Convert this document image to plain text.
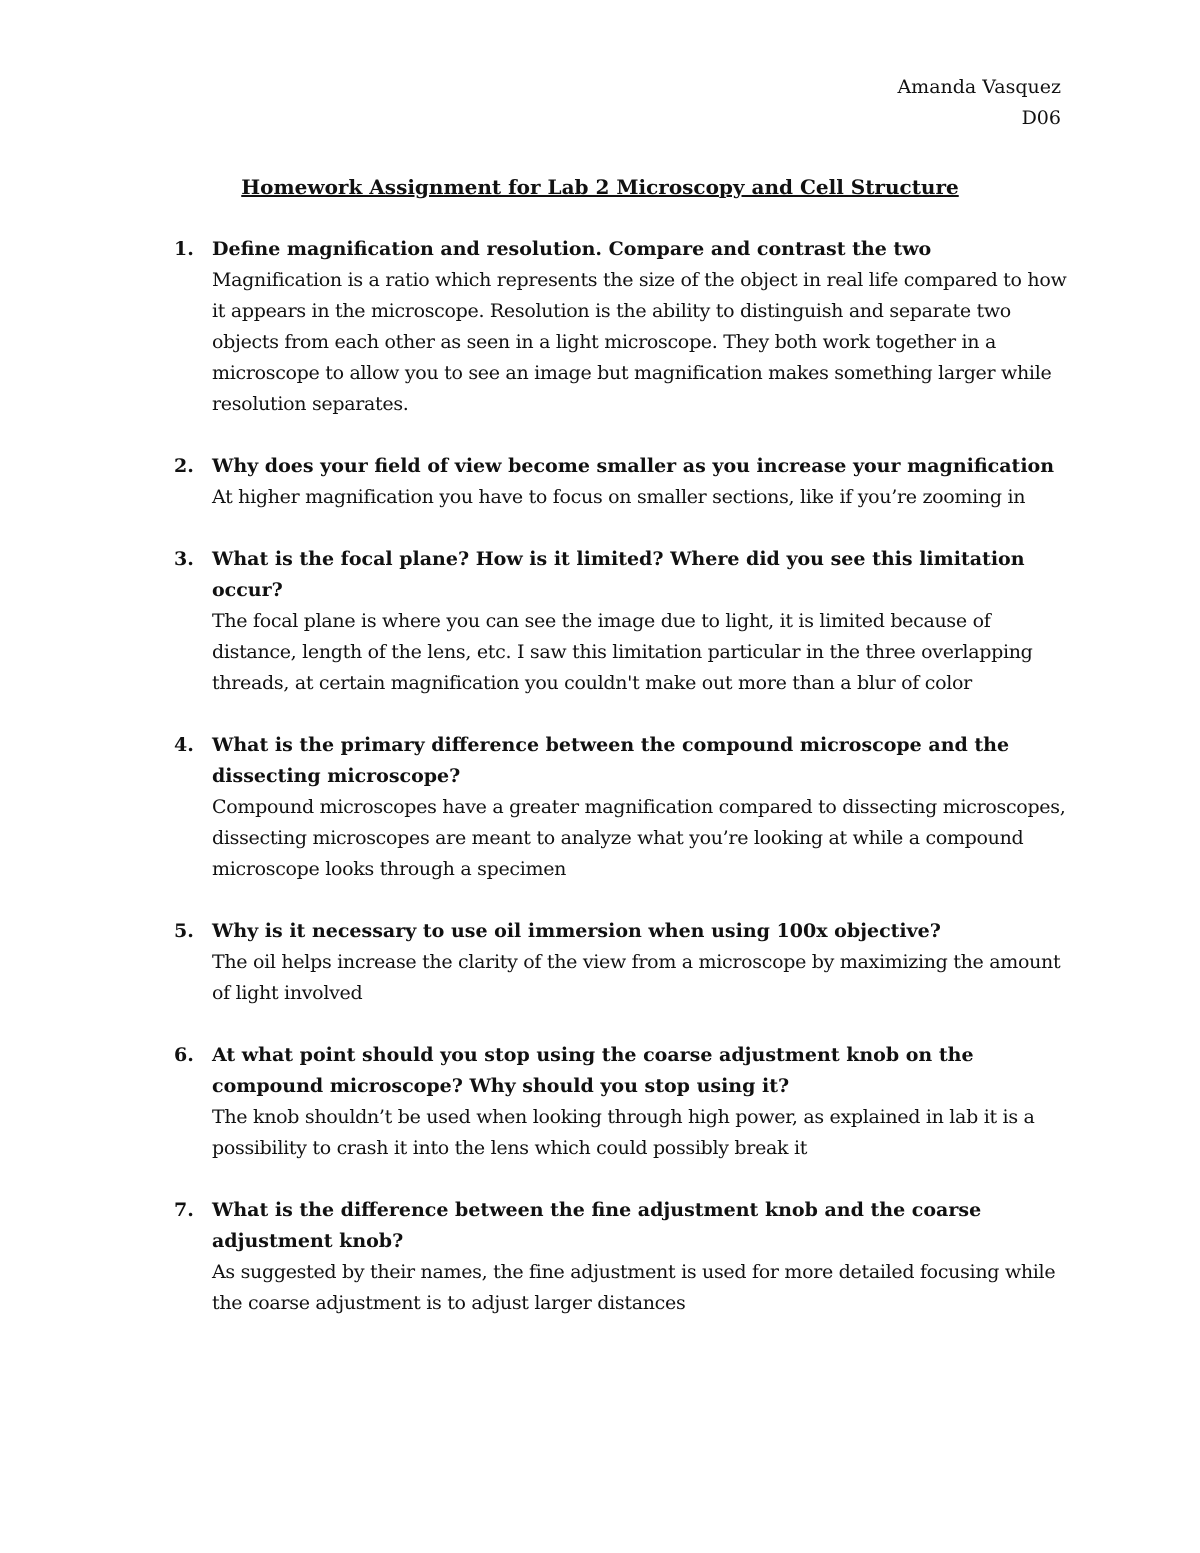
Amanda Vasquez
D06
Homework Assignment for Lab 2 Microscopy and Cell Structure
1. Define magnification and resolution. Compare and contrast the two
Magnification is a ratio which represents the size of the object in real life compared to how it appears in the microscope. Resolution is the ability to distinguish and separate two objects from each other as seen in a light microscope. They both work together in a microscope to allow you to see an image but magnification makes something larger while resolution separates.
2. Why does your field of view become smaller as you increase your magnification
At higher magnification you have to focus on smaller sections, like if you’re zooming in
3. What is the focal plane? How is it limited? Where did you see this limitation occur?
The focal plane is where you can see the image due to light, it is limited because of distance, length of the lens, etc. I saw this limitation particular in the three overlapping threads, at certain magnification you couldn't make out more than a blur of color
4. What is the primary difference between the compound microscope and the dissecting microscope?
Compound microscopes have a greater magnification compared to dissecting microscopes, dissecting microscopes are meant to analyze what you’re looking at while a compound microscope looks through a specimen
5. Why is it necessary to use oil immersion when using 100x objective?
The oil helps increase the clarity of the view from a microscope by maximizing the amount of light involved
6. At what point should you stop using the coarse adjustment knob on the compound microscope? Why should you stop using it?
The knob shouldn’t be used when looking through high power, as explained in lab it is a possibility to crash it into the lens which could possibly break it
7. What is the difference between the fine adjustment knob and the coarse adjustment knob?
As suggested by their names, the fine adjustment is used for more detailed focusing while the coarse adjustment is to adjust larger distances
